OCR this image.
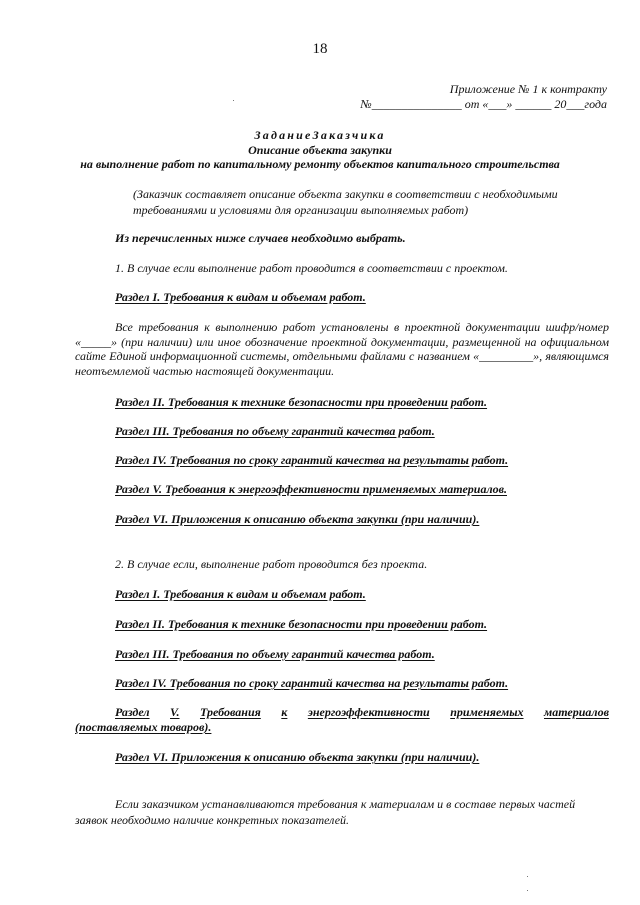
18
Приложение № 1 к контракту
№_______________ от «___» ______ 20___года
ЗаданиеЗаказчика
Описание объекта закупки
на выполнение работ по капитальному ремонту объектов капитального строительства
(Заказчик составляет описание объекта закупки в соответствии с необходимыми
требованиями и условиями для организации выполняемых работ)
Из перечисленных ниже случаев необходимо выбрать.
1. В случае если выполнение работ проводится в соответствии с проектом.
Раздел I. Требования к видам и объемам работ.
Все требования к выполнению работ установлены в проектной документации шифр/номер «_____» (при наличии) или иное обозначение проектной документации, размещенной на официальном сайте Единой информационной системы, отдельными файлами с названием «_________», являющимся неотъемлемой частью настоящей документации.
Раздел II. Требования к технике безопасности при проведении работ.
Раздел III. Требования по объему гарантий качества работ.
Раздел IV. Требования по сроку гарантий качества на результаты работ.
Раздел V. Требования к энергоэффективности применяемых материалов.
Раздел VI. Приложения к описанию объекта закупки (при наличии).
2. В случае если, выполнение работ проводится без проекта.
Раздел I. Требования к видам и объемам работ.
Раздел II. Требования к технике безопасности при проведении работ.
Раздел III. Требования по объему гарантий качества работ.
Раздел IV. Требования по сроку гарантий качества на результаты работ.
Раздел V. Требования к энергоэффективности применяемых материалов
(поставляемых товаров).
Раздел VI. Приложения к описанию объекта закупки (при наличии).
Если заказчиком устанавливаются требования к материалам и в составе первых частей заявок необходимо наличие конкретных показателей.
